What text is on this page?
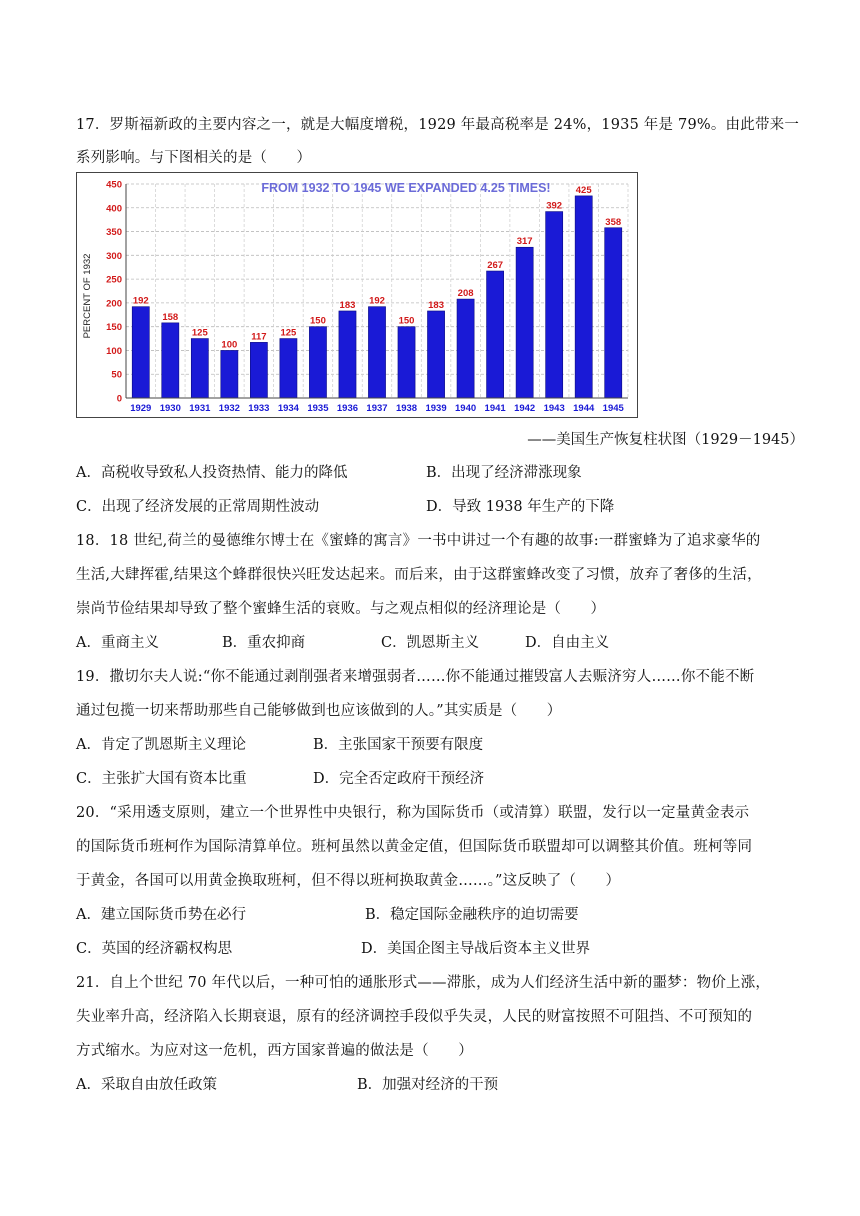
17．罗斯福新政的主要内容之一，就是大幅度增税，1929 年最高税率是 24%，1935 年是 79%。由此带来一
系列影响。与下图相关的是（　　）
192
158
125
100
117 125
150
183 192
150
183
208
267
317
392
425
358
0
50
100
150
200
250
300
350
400
450
1929 1930 1931 1932 1933 1934 1935 1936 1937 1938 1939 1940 1941 1942 1943 1944 1945
FROM 1932 TO 1945 WE EXPANDED 4.25 TIMES!
PERCENT OF 1932
——美国生产恢复柱状图（1929－1945）
A．高税收导致私人投资热情、能力的降低	B．出现了经济滞涨现象
C．出现了经济发展的正常周期性波动	D．导致 1938 年生产的下降
18．18 世纪,荷兰的曼德维尔博士在《蜜蜂的寓言》一书中讲过一个有趣的故事:一群蜜蜂为了追求豪华的
生活,大肆挥霍,结果这个蜂群很快兴旺发达起来。而后来，由于这群蜜蜂改变了习惯，放弃了奢侈的生活，
崇尚节俭结果却导致了整个蜜蜂生活的衰败。与之观点相似的经济理论是（　　）
A．重商主义	B．重农抑商	C．凯恩斯主义	D．自由主义
19．撒切尔夫人说:“你不能通过剥削强者来增强弱者……你不能通过摧毁富人去赈济穷人……你不能不断
通过包揽一切来帮助那些自己能够做到也应该做到的人。”其实质是（　　）
A．肯定了凯恩斯主义理论	B．主张国家干预要有限度
C．主张扩大国有资本比重	D．完全否定政府干预经济
20．“采用透支原则，建立一个世界性中央银行，称为国际货币（或清算）联盟，发行以一定量黄金表示
的国际货币班柯作为国际清算单位。班柯虽然以黄金定值，但国际货币联盟却可以调整其价值。班柯等同
于黄金，各国可以用黄金换取班柯，但不得以班柯换取黄金……。”这反映了（　　）
A．建立国际货币势在必行	B．稳定国际金融秩序的迫切需要
C．英国的经济霸权构思	D．美国企图主导战后资本主义世界
21．自上个世纪 70 年代以后，一种可怕的通胀形式——滞胀，成为人们经济生活中新的噩梦：物价上涨，
失业率升高，经济陷入长期衰退，原有的经济调控手段似乎失灵，人民的财富按照不可阻挡、不可预知的
方式缩水。为应对这一危机，西方国家普遍的做法是（　　）
A．采取自由放任政策	B．加强对经济的干预
